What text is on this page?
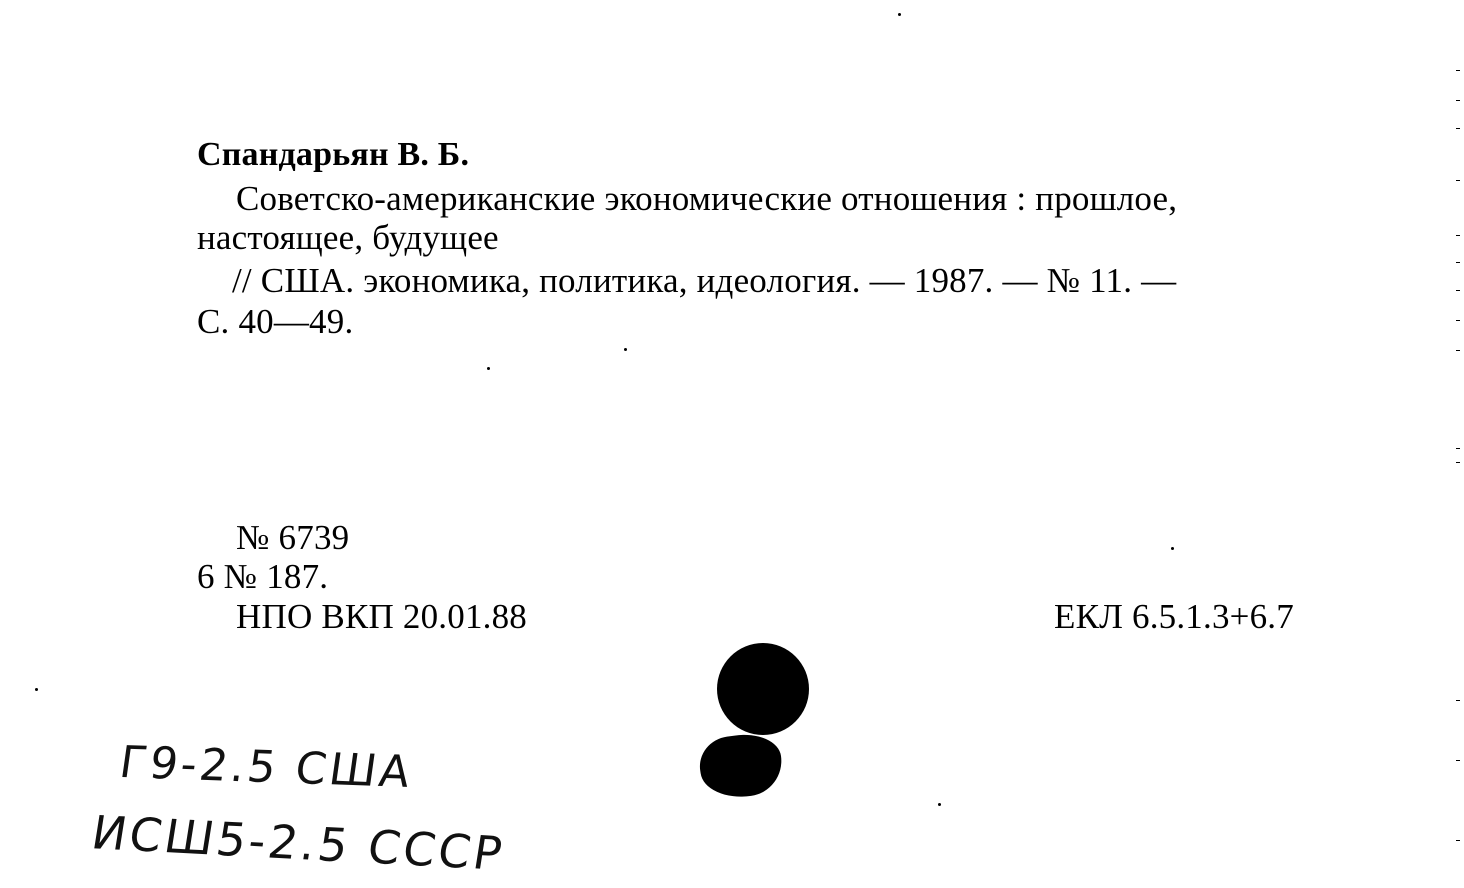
Спандарьян В. Б.
Советско-американские экономические отношения : прошлое,
настоящее, будущее
// США. экономика, политика, идеология. — 1987. — № 11. —
С. 40—49.
№ 6739
6 № 187.
НПО ВКП 20.01.88	ЕКЛ 6.5.1.3+6.7
Г9-2.5 США
ИСШ5-2.5 СССР
